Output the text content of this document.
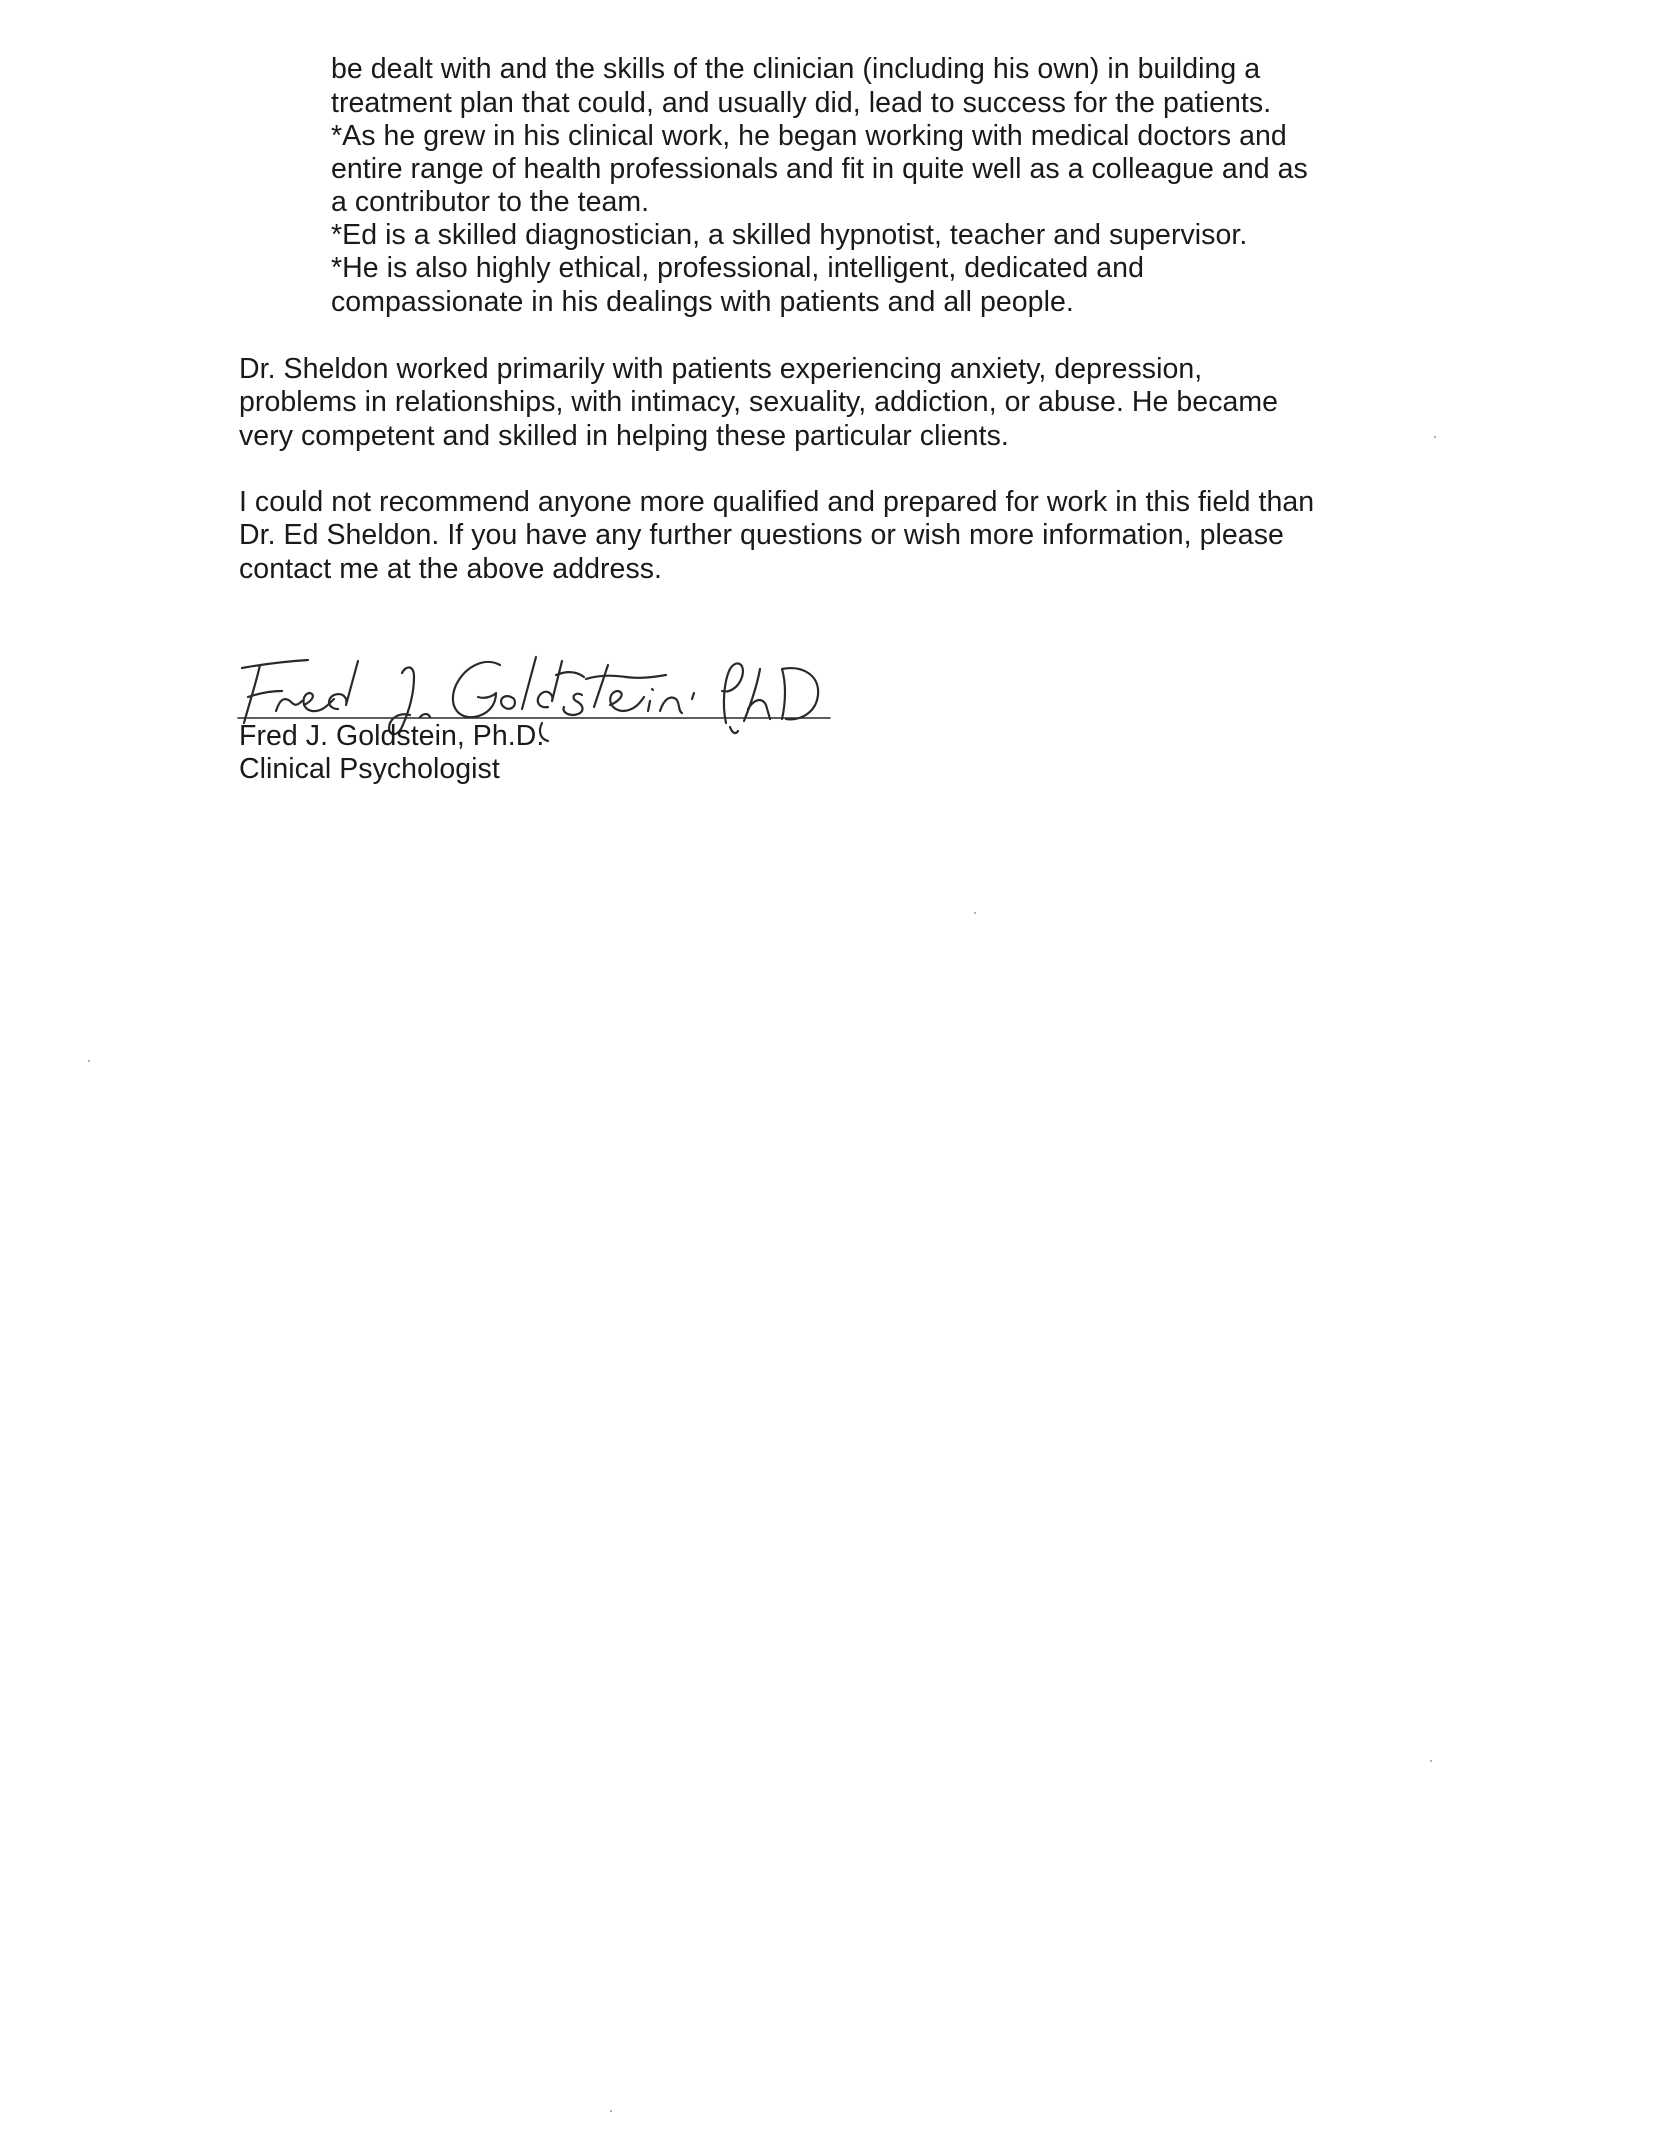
be dealt with and the skills of the clinician (including his own) in building a
treatment plan that could, and usually did, lead to success for the patients.
*As he grew in his clinical work, he began working with medical doctors and
entire range of health professionals and fit in quite well as a colleague and as
a contributor to the team.
*Ed is a skilled diagnostician, a skilled hypnotist, teacher and supervisor.
*He is also highly ethical, professional, intelligent, dedicated and
compassionate in his dealings with patients and all people.
Dr. Sheldon worked primarily with patients experiencing anxiety, depression,
problems in relationships, with intimacy, sexuality, addiction, or abuse. He became
very competent and skilled in helping these particular clients.
I could not recommend anyone more qualified and prepared for work in this field than
Dr. Ed Sheldon. If you have any further questions or wish more information, please
contact me at the above address.
Fred J. Goldstein, Ph.D.
Clinical Psychologist
